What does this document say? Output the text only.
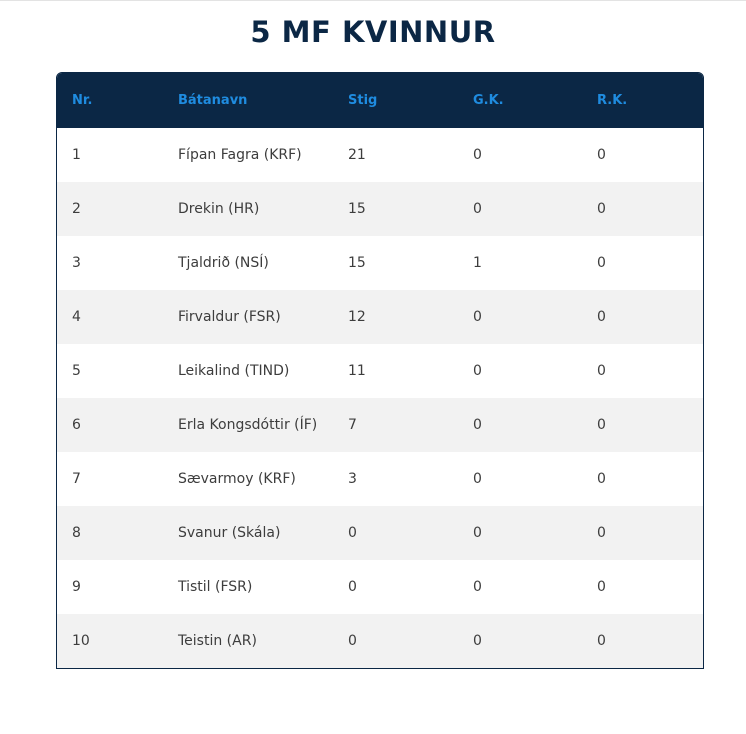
5 MF KVINNUR
Nr.	Bátanavn	Stig	G.K.	R.K.
1	Fípan Fagra (KRF)	21	0	0
2	Drekin (HR)	15	0	0
3	Tjaldrið (NSÍ)	15	1	0
4	Firvaldur (FSR)	12	0	0
5	Leikalind (TIND)	11	0	0
6	Erla Kongsdóttir (ÍF)	7	0	0
7	Sævarmoy (KRF)	3	0	0
8	Svanur (Skála)	0	0	0
9	Tistil (FSR)	0	0	0
10	Teistin (AR)	0	0	0
